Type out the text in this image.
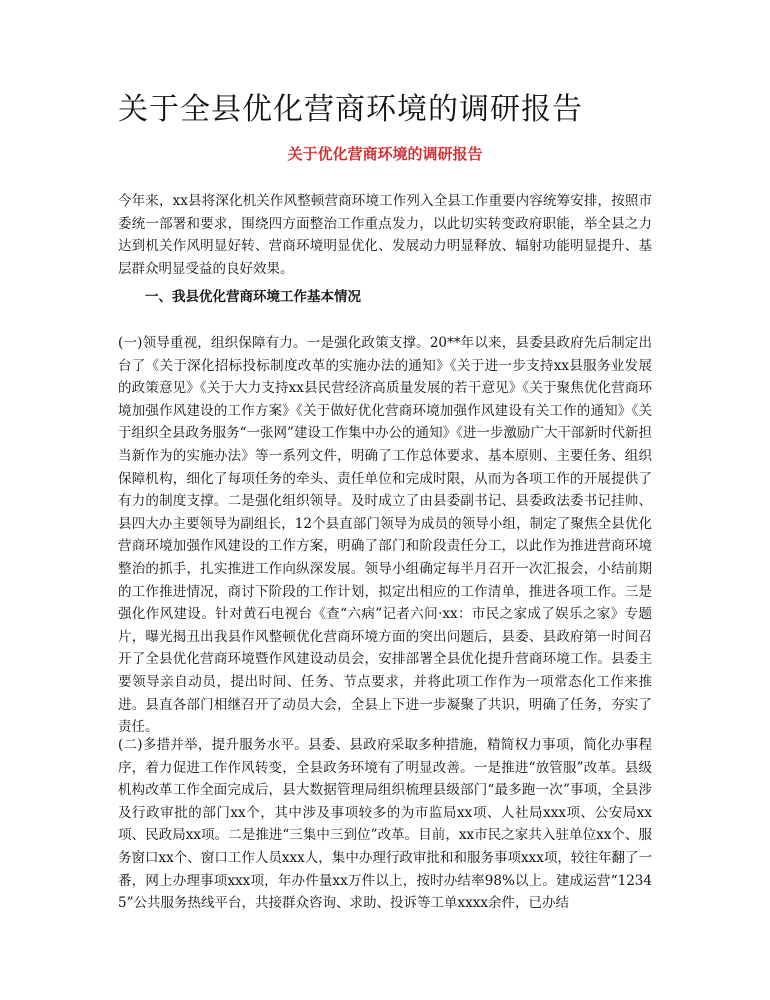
关于全县优化营商环境的调研报告
关于优化营商环境的调研报告

今年来，xx县将深化机关作风整顿营商环境工作列入全县工作重要内容统筹安排，按照市委统一部署和要求，围绕四方面整治工作重点发力，以此切实转变政府职能，举全县之力达到机关作风明显好转、营商环境明显优化、发展动力明显释放、辐射功能明显提升、基层群众明显受益的良好效果。

一、我县优化营商环境工作基本情况

(一)领导重视，组织保障有力。一是强化政策支撑。20**年以来，县委县政府先后制定出台了《关于深化招标投标制度改革的实施办法的通知》《关于进一步支持xx县服务业发展的政策意见》《关于大力支持xx县民营经济高质量发展的若干意见》《关于聚焦优化营商环境加强作风建设的工作方案》《关于做好优化营商环境加强作风建设有关工作的通知》《关于组织全县政务服务“一张网”建设工作集中办公的通知》《进一步激励广大干部新时代新担当新作为的实施办法》等一系列文件，明确了工作总体要求、基本原则、主要任务、组织保障机构，细化了每项任务的牵头、责任单位和完成时限，从而为各项工作的开展提供了有力的制度支撑。二是强化组织领导。及时成立了由县委副书记、县委政法委书记挂帅、县四大办主要领导为副组长，12个县直部门领导为成员的领导小组，制定了聚焦全县优化营商环境加强作风建设的工作方案，明确了部门和阶段责任分工，以此作为推进营商环境整治的抓手，扎实推进工作向纵深发展。领导小组确定每半月召开一次汇报会，小结前期的工作推进情况，商讨下阶段的工作计划，拟定出相应的工作清单，推进各项工作。三是强化作风建设。针对黄石电视台《查“六病”记者六问·xx：市民之家成了娱乐之家》专题片，曝光揭丑出我县作风整顿优化营商环境方面的突出问题后，县委、县政府第一时间召开了全县优化营商环境暨作风建设动员会，安排部署全县优化提升营商环境工作。县委主要领导亲自动员，提出时间、任务、节点要求，并将此项工作作为一项常态化工作来推进。县直各部门相继召开了动员大会，全县上下进一步凝聚了共识，明确了任务，夯实了责任。

(二)多措并举，提升服务水平。县委、县政府采取多种措施，精简权力事项，简化办事程序，着力促进工作作风转变，全县政务环境有了明显改善。一是推进“放管服”改革。县级机构改革工作全面完成后，县大数据管理局组织梳理县级部门“最多跑一次”事项，全县涉及行政审批的部门xx个，其中涉及事项较多的为市监局xx项、人社局xxx项、公安局xx项、民政局xx项。二是推进“三集中三到位”改革。目前，xx市民之家共入驻单位xx个、服务窗口xx个、窗口工作人员xxx人，集中办理行政审批和和服务事项xxx项，较往年翻了一番，网上办理事项xxx项，年办件量xx万件以上，按时办结率98%以上。建成运营“12345”公共服务热线平台，共接群众咨询、求助、投诉等工单xxxx余件，已办结
